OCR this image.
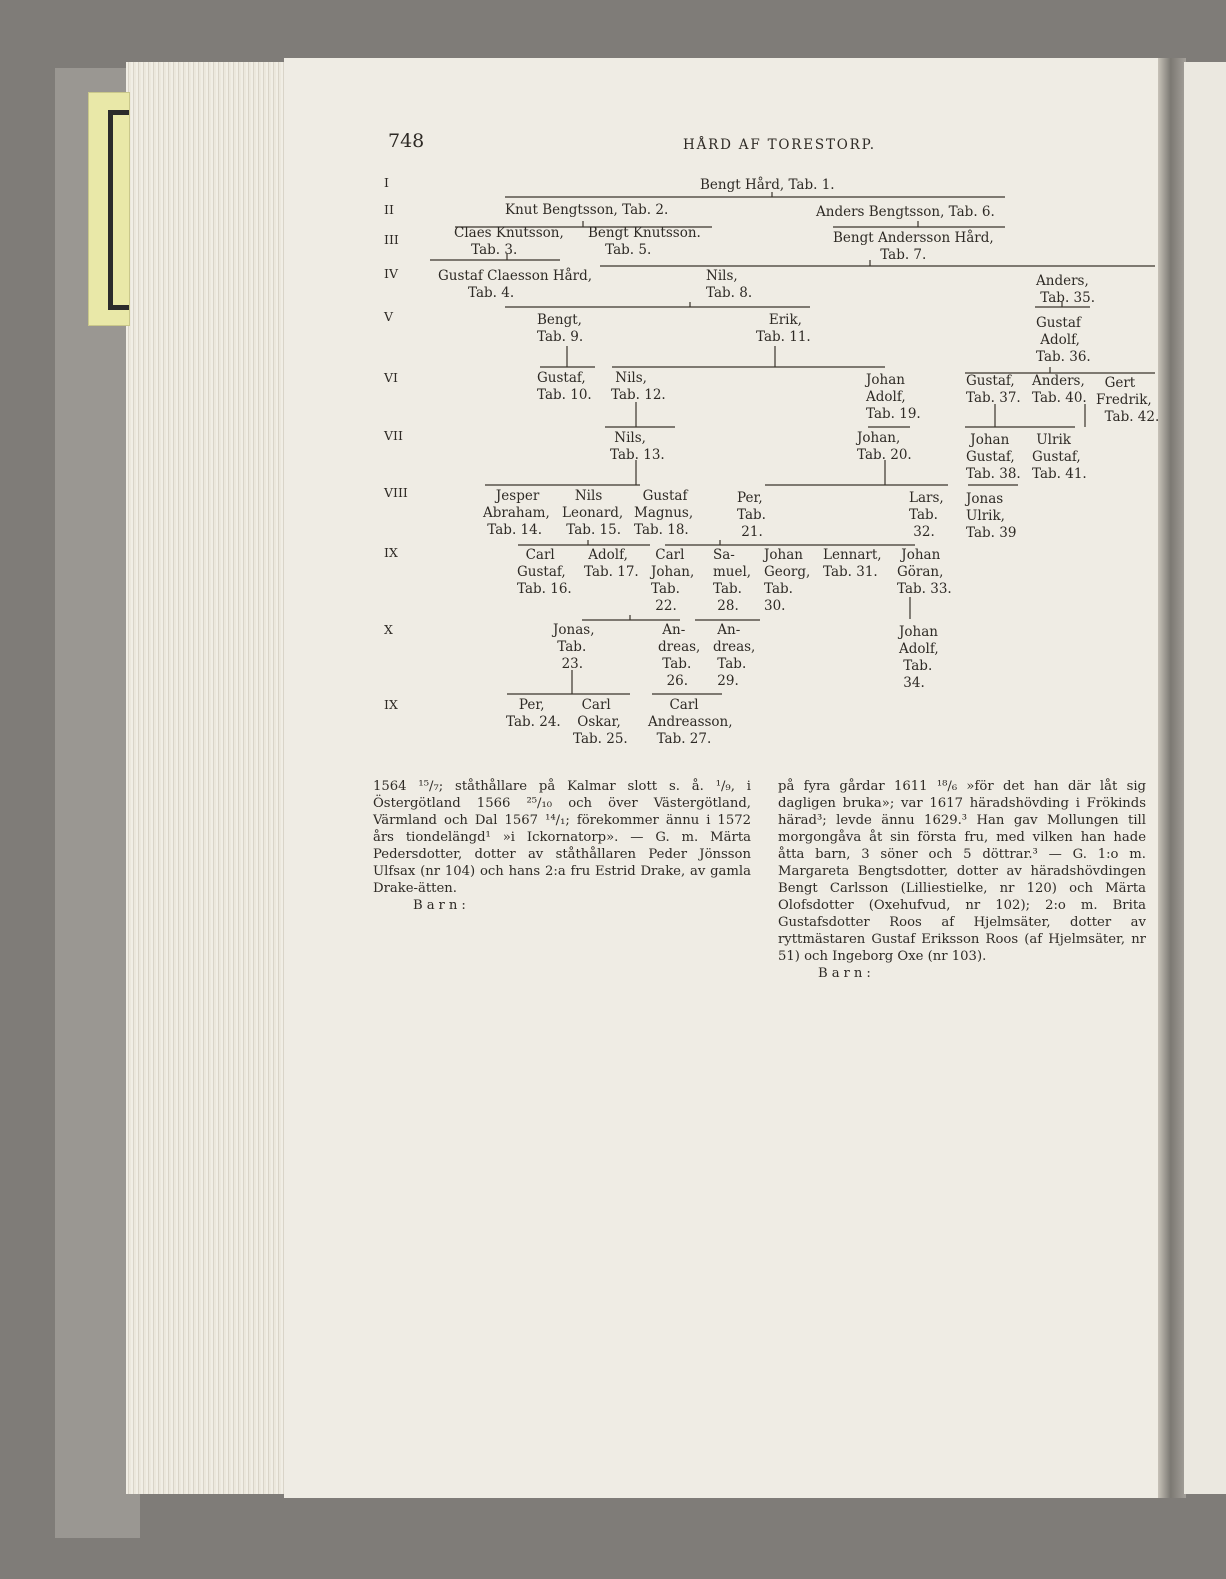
748	HÅRD AF TORESTORP.
I
II
III
IV
V
VI
VII
VIII
IX
X
IX
Bengt Hård, Tab. 1.
Knut Bengtsson, Tab. 2.	Anders Bengtsson, Tab. 6.
Claes Knutsson,
Tab. 3.
Bengt Knutsson.
Tab. 5.
Bengt Andersson Hård,
Tab. 7.
Gustaf Claesson Hård,
Tab. 4.
Nils,
Tab. 8.
Anders,
Tab. 35.
Bengt,
Tab. 9.
Erik,
Tab. 11.
Gustaf
Adolf,
Tab. 36.
Gustaf,
Tab. 10.
Nils,
Tab. 12.
Johan
Adolf,
Tab. 19.
Gustaf,
Tab. 37.
Anders,
Tab. 40.
Gert
Fredrik,
Tab. 42.
Nils,
Tab. 13.
Johan,
Tab. 20.
Johan
Gustaf,
Tab. 38.
Ulrik
Gustaf,
Tab. 41.
Jesper
Abraham,
Tab. 14.
Nils
Leonard,
Tab. 15.
Gustaf
Magnus,
Tab. 18.
Per,
Tab.
21.
Lars,
Tab.
32.
Jonas
Ulrik,
Tab. 39
Carl
Gustaf,
Tab. 16.
Adolf,
Tab. 17.
Carl
Johan,
Tab.
22.
Sa-
muel,
Tab.
28.
Johan
Georg,
Tab.
30.
Lennart,
Tab. 31.
Johan
Göran,
Tab. 33.
Jonas,
Tab.
23.
An-
dreas,
Tab.
26.
An-
dreas,
Tab.
29.
Johan
Adolf,
Tab.
34.
Per,
Tab. 24.
Carl
Oskar,
Tab. 25.
Carl
Andreasson,
Tab. 27.

1564 ¹⁵/₇; ståthållare på Kalmar slott s. å. ¹/₉, i Östergötland 1566 ²⁵/₁₀ och över Västergötland, Värmland och Dal 1567 ¹⁴/₁; förekommer ännu i 1572 års tiondelängd¹ »i Ickornatorp». — G. m. Märta Pedersdotter, dotter av ståthållaren Peder Jönsson Ulfsax (nr 104) och hans 2:a fru Estrid Drake, av gamla Drake-ätten.

Barn:

på fyra gårdar 1611 ¹⁸/₆ »för det han där låt sig dagligen bruka»; var 1617 häradshövding i Frökinds härad³; levde ännu 1629.³ Han gav Mollungen till morgongåva åt sin första fru, med vilken han hade åtta barn, 3 söner och 5 döttrar.³ — G. 1:o m. Margareta Bengtsdotter, dotter av häradshövdingen Bengt Carlsson (Lilliestielke, nr 120) och Märta Olofsdotter (Oxehufvud, nr 102); 2:o m. Brita Gustafsdotter Roos af Hjelmsäter, dotter av ryttmästaren Gustaf Eriksson Roos (af Hjelmsäter, nr 51) och Ingeborg Oxe (nr 103).

Barn:
